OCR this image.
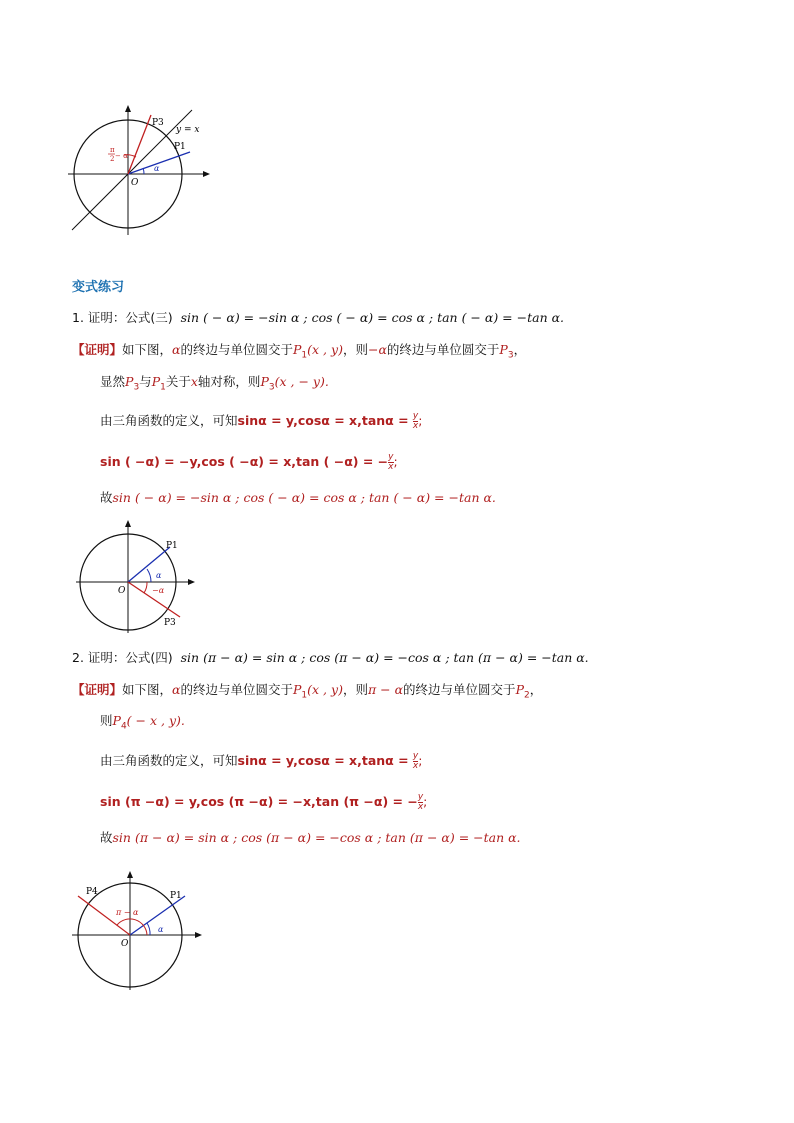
P3
P1
y = x
π
2 − α
α
O
变式练习
1. 证明：公式(三) sin ( − α) = −sin α ; cos ( − α) = cos α ; tan ( − α) = −tan α.
【证明】如下图，α的终边与单位圆交于$P_1(x$ , y)，则−α的终边与单位圆交于$P_3$，
显然$P_3$与$P_1$关于x轴对称，则$P_3(x$ , − y).
由三角函数的定义，可知$\sin\alpha = y,\cos\alpha = x,\tan\alpha = \frac{y}{x}$ ;
sin ( −α) = −y,cos ( −α) = x,tan ( −α) = − $\frac{y}{x}$ ;
故sin ( − α) = −sin α ; cos ( − α) = cos α ; tan ( − α) = −tan α.
P1
P3
α
−α
O
2. 证明：公式(四) sin (π − α) = sin α ; cos (π − α) = −cos α ; tan (π − α) = −tan α.
【证明】如下图，α的终边与单位圆交于$P_1(x$ , y)，则π − α的终边与单位圆交于$P_2$，
则$P_4( - x$ , y).
由三角函数的定义，可知$\sin\alpha = y,\cos\alpha = x,\tan\alpha = \frac{y}{x}$ ;
sin (π −α) = y,cos (π −α) = −x,tan (π −α) = − $\frac{y}{x}$ ;
故sin (π − α) = sin α ; cos (π − α) = −cos α ; tan (π − α) = −tan α.
P4	P1
π − α
α
O
